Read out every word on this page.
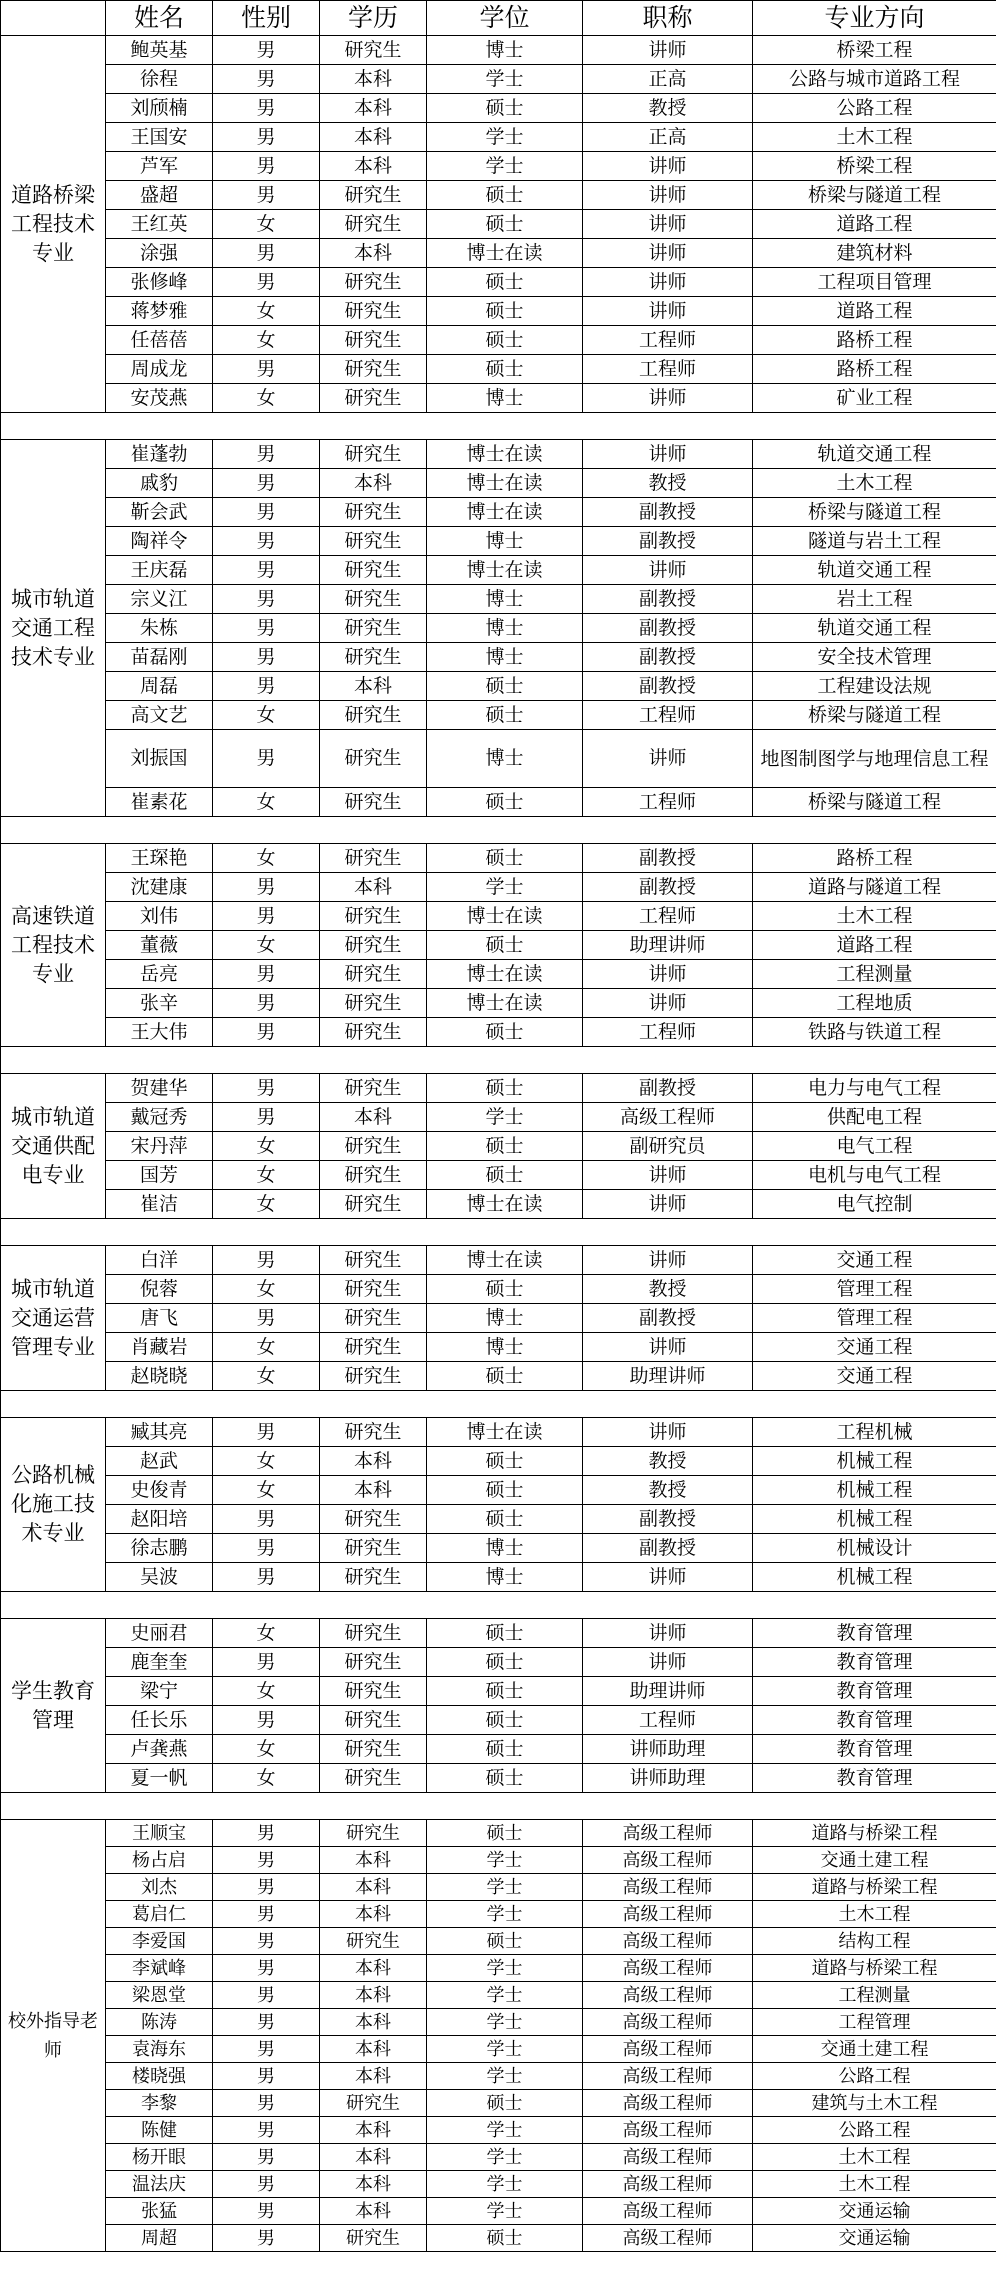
	姓名	性别	学历	学位	职称	专业方向
道路桥梁工程技术专业	鲍英基	男	研究生	博士	讲师	桥梁工程
	徐程	男	本科	学士	正高	公路与城市道路工程
	刘颀楠	男	本科	硕士	教授	公路工程
	王国安	男	本科	学士	正高	土木工程
	芦军	男	本科	学士	讲师	桥梁工程
	盛超	男	研究生	硕士	讲师	桥梁与隧道工程
	王红英	女	研究生	硕士	讲师	道路工程
	涂强	男	本科	博士在读	讲师	建筑材料
	张修峰	男	研究生	硕士	讲师	工程项目管理
	蒋梦雅	女	研究生	硕士	讲师	道路工程
	任蓓蓓	女	研究生	硕士	工程师	路桥工程
	周成龙	男	研究生	硕士	工程师	路桥工程
	安茂燕	女	研究生	博士	讲师	矿业工程

城市轨道交通工程技术专业	崔蓬勃	男	研究生	博士在读	讲师	轨道交通工程
	戚豹	男	本科	博士在读	教授	土木工程
	靳会武	男	研究生	博士在读	副教授	桥梁与隧道工程
	陶祥令	男	研究生	博士	副教授	隧道与岩土工程
	王庆磊	男	研究生	博士在读	讲师	轨道交通工程
	宗义江	男	研究生	博士	副教授	岩土工程
	朱栋	男	研究生	博士	副教授	轨道交通工程
	苗磊刚	男	研究生	博士	副教授	安全技术管理
	周磊	男	本科	硕士	副教授	工程建设法规
	高文艺	女	研究生	硕士	工程师	桥梁与隧道工程
	刘振国	男	研究生	博士	讲师	地图制图学与地理信息工程
	崔素花	女	研究生	硕士	工程师	桥梁与隧道工程

高速铁道工程技术专业	王琛艳	女	研究生	硕士	副教授	路桥工程
	沈建康	男	本科	学士	副教授	道路与隧道工程
	刘伟	男	研究生	博士在读	工程师	土木工程
	董薇	女	研究生	硕士	助理讲师	道路工程
	岳亮	男	研究生	博士在读	讲师	工程测量
	张辛	男	研究生	博士在读	讲师	工程地质
	王大伟	男	研究生	硕士	工程师	铁路与铁道工程

城市轨道交通供配电专业	贺建华	男	研究生	硕士	副教授	电力与电气工程
	戴冠秀	男	本科	学士	高级工程师	供配电工程
	宋丹萍	女	研究生	硕士	副研究员	电气工程
	国芳	女	研究生	硕士	讲师	电机与电气工程
	崔洁	女	研究生	博士在读	讲师	电气控制

城市轨道交通运营管理专业	白洋	男	研究生	博士在读	讲师	交通工程
	倪蓉	女	研究生	硕士	教授	管理工程
	唐飞	男	研究生	博士	副教授	管理工程
	肖藏岩	女	研究生	博士	讲师	交通工程
	赵晓晓	女	研究生	硕士	助理讲师	交通工程

公路机械化施工技术专业	臧其亮	男	研究生	博士在读	讲师	工程机械
	赵武	女	本科	硕士	教授	机械工程
	史俊青	女	本科	硕士	教授	机械工程
	赵阳培	男	研究生	硕士	副教授	机械工程
	徐志鹏	男	研究生	博士	副教授	机械设计
	吴波	男	研究生	博士	讲师	机械工程

学生教育管理	史丽君	女	研究生	硕士	讲师	教育管理
	鹿奎奎	男	研究生	硕士	讲师	教育管理
	梁宁	女	研究生	硕士	助理讲师	教育管理
	任长乐	男	研究生	硕士	工程师	教育管理
	卢龚燕	女	研究生	硕士	讲师助理	教育管理
	夏一帆	女	研究生	硕士	讲师助理	教育管理

校外指导老师	王顺宝	男	研究生	硕士	高级工程师	道路与桥梁工程
	杨占启	男	本科	学士	高级工程师	交通土建工程
	刘杰	男	本科	学士	高级工程师	道路与桥梁工程
	葛启仁	男	本科	学士	高级工程师	土木工程
	李爱国	男	研究生	硕士	高级工程师	结构工程
	李斌峰	男	本科	学士	高级工程师	道路与桥梁工程
	梁恩堂	男	本科	学士	高级工程师	工程测量
	陈涛	男	本科	学士	高级工程师	工程管理
	袁海东	男	本科	学士	高级工程师	交通土建工程
	楼晓强	男	本科	学士	高级工程师	公路工程
	李黎	男	研究生	硕士	高级工程师	建筑与土木工程
	陈健	男	本科	学士	高级工程师	公路工程
	杨开眼	男	本科	学士	高级工程师	土木工程
	温法庆	男	本科	学士	高级工程师	土木工程
	张猛	男	本科	学士	高级工程师	交通运输
	周超	男	研究生	硕士	高级工程师	交通运输
